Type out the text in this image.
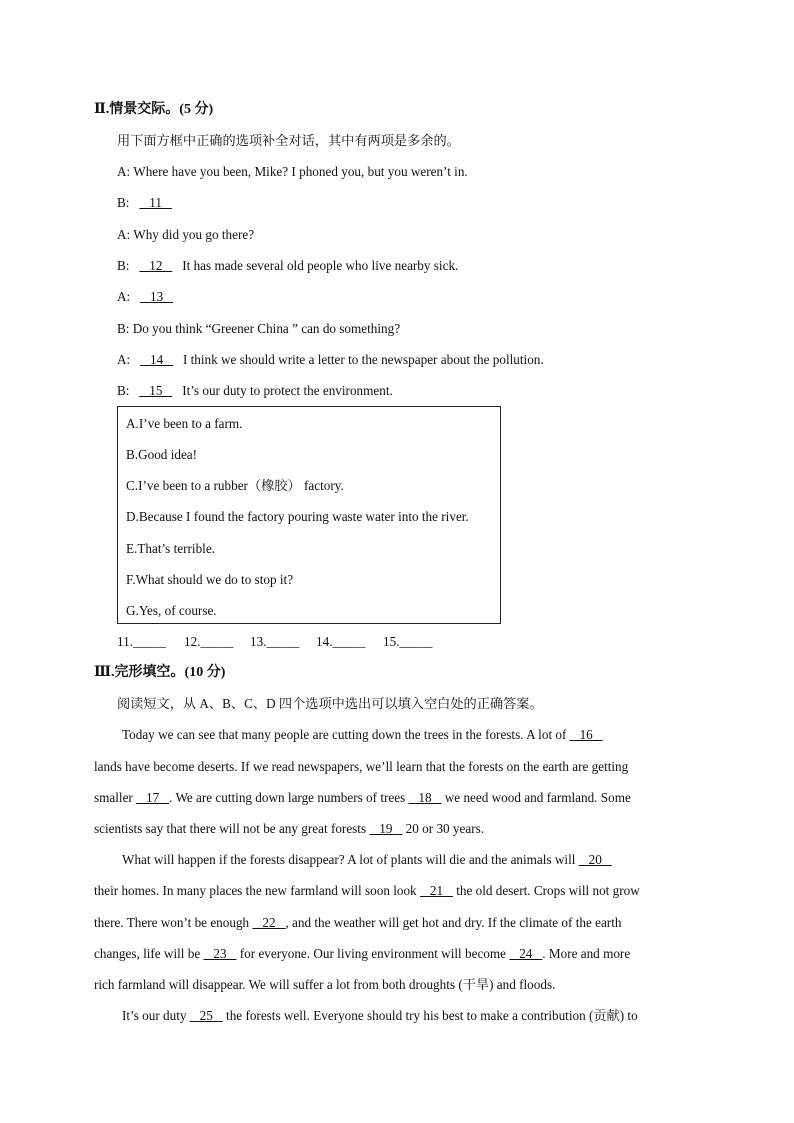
Ⅱ.情景交际。(5 分)
用下面方框中正确的选项补全对话，其中有两项是多余的。
A: Where have you been, Mike? I phoned you, but you weren’t in.
B:      11
A: Why did you go there?
B:      12      It has made several old people who live nearby sick.
A:      13
B: Do you think “Greener China ” can do something?
A:      14      I think we should write a letter to the newspaper about the pollution.
B:      15      It’s our duty to protect the environment.
A.I’ve been to a farm.
B.Good idea!
C.I’ve been to a rubber（橡胶） factory.
D.Because I found the factory pouring waste water into the river.
E.That’s terrible.
F.What should we do to stop it?
G.Yes, of course.
11._____ 12._____ 13._____ 14._____ 15._____
Ⅲ.完形填空。(10 分)
阅读短文，从 A、B、C、D 四个选项中选出可以填入空白处的正确答案。
Today we can see that many people are cutting down the trees in the forests. A lot of    16
lands have become deserts. If we read newspapers, we’ll learn that the forests on the earth are getting
smaller    17   . We are cutting down large numbers of trees    18    we need wood and farmland. Some
scientists say that there will not be any great forests    19    20 or 30 years.
What will happen if the forests disappear? A lot of plants will die and the animals will    20
their homes. In many places the new farmland will soon look    21    the old desert. Crops will not grow
there. There won’t be enough    22   , and the weather will get hot and dry. If the climate of the earth
changes, life will be    23    for everyone. Our living environment will become    24   . More and more
rich farmland will disappear. We will suffer a lot from both droughts (干旱) and floods.
It’s our duty    25    the forests well. Everyone should try his best to make a contribution (贡献) to
